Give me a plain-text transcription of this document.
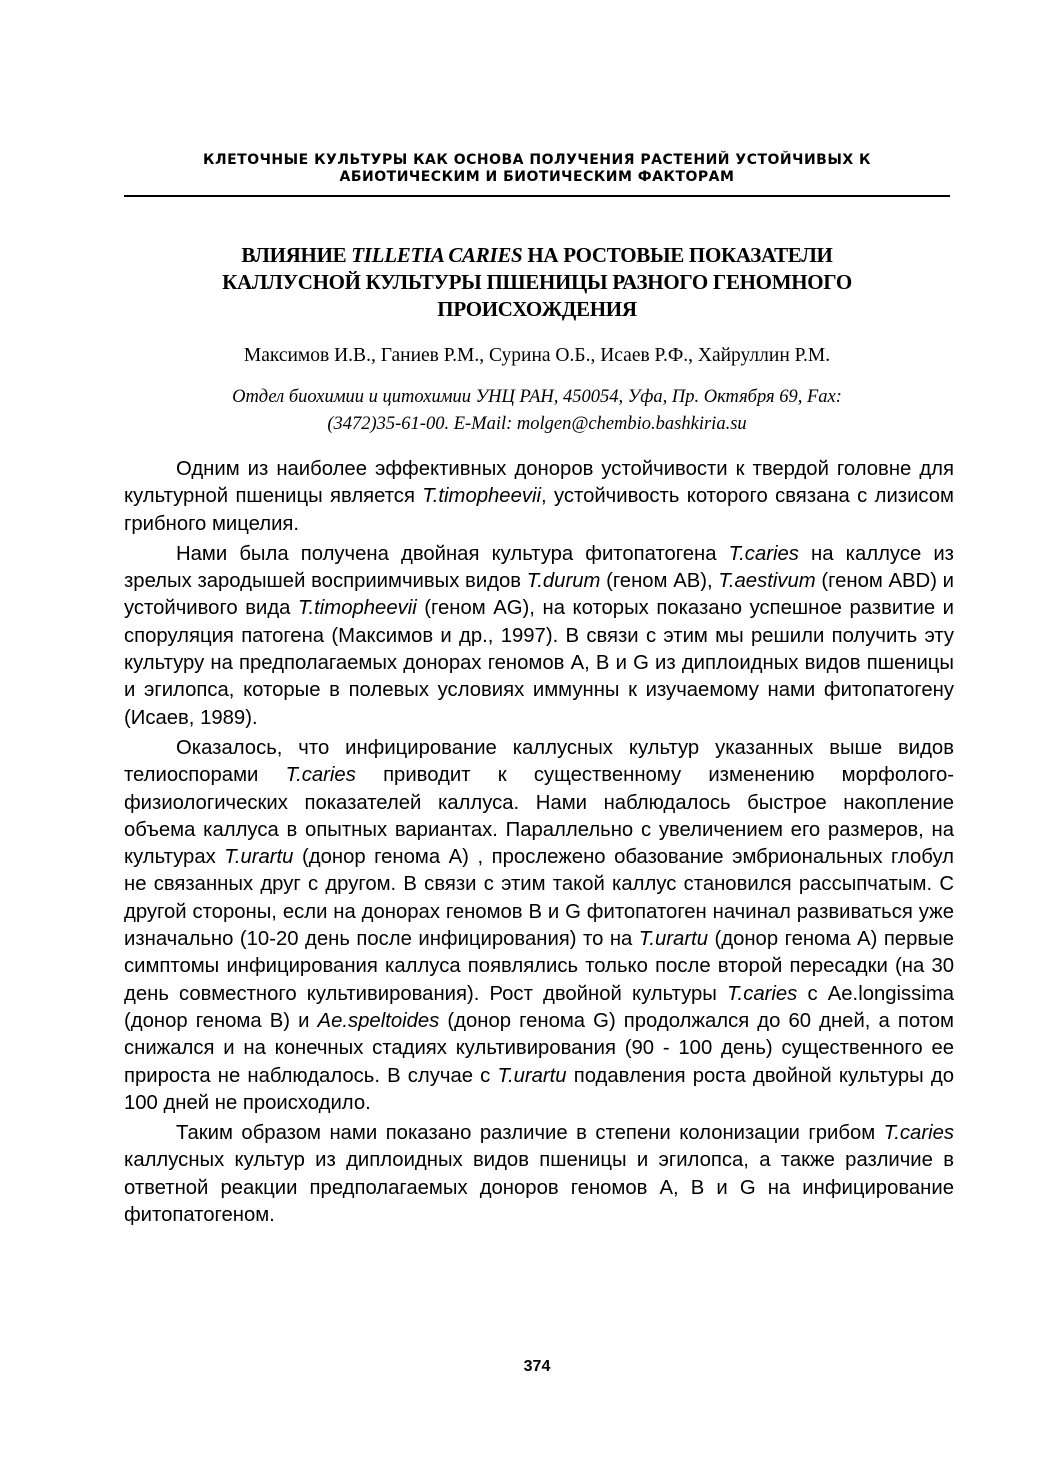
КЛЕТОЧНЫЕ КУЛЬТУРЫ КАК ОСНОВА ПОЛУЧЕНИЯ РАСТЕНИЙ УСТОЙЧИВЫХ К
АБИОТИЧЕСКИМ И БИОТИЧЕСКИМ ФАКТОРАМ
ВЛИЯНИЕ TILLETIA CARIES НА РОСТОВЫЕ ПОКАЗАТЕЛИ
КАЛЛУСНОЙ КУЛЬТУРЫ ПШЕНИЦЫ РАЗНОГО ГЕНОМНОГО
ПРОИСХОЖДЕНИЯ
Максимов И.В., Ганиев Р.М., Сурина О.Б., Исаев Р.Ф., Хайруллин Р.М.
Отдел биохимии и цитохимии УНЦ РАН, 450054, Уфа, Пр. Октября 69, Fax:
(3472)35-61-00. E-Mail: molgen@chembio.bashkiria.su

Одним из наиболее эффективных доноров устойчивости к твердой головне для культурной пшеницы является T.timopheevii, устойчивость которого связана с лизисом грибного мицелия.

Нами была получена двойная культура фитопатогена T.caries на каллусе из зрелых зародышей восприимчивых видов T.durum (геном AB), T.aestivum (геном ABD) и устойчивого вида T.timopheevii (геном AG), на которых показано успешное развитие и споруляция патогена (Максимов и др., 1997). В связи с этим мы решили получить эту культуру на предполагаемых донорах геномов A, B и G из диплоидных видов пшеницы и эгилопса, которые в полевых условиях иммунны к изучаемому нами фитопатогену (Исаев, 1989).

Оказалось, что инфицирование каллусных культур указанных выше видов телиоспорами T.caries приводит к существенному изменению морфолого-физиологических показателей каллуса. Нами наблюдалось быстрое накопление объема каллуса в опытных вариантах. Параллельно с увеличением его размеров, на культурах T.urartu (донор генома A) , прослежено обазование эмбриональных глобул не связанных друг с другом. В связи с этим такой каллус становился рассыпчатым. С другой стороны, если на донорах геномов B и G фитопатоген начинал развиваться уже изначально (10-20 день после инфицирования) то на T.urartu (донор генома A) первые симптомы инфицирования каллуса появлялись только после второй пересадки (на 30 день совместного культивирования). Рост двойной культуры T.caries с Ae.longissima (донор генома B) и Ae.speltoides (донор генома G) продолжался до 60 дней, а потом снижался и на конечных стадиях культивирования (90 - 100 день) существенного ее прироста не наблюдалось. В случае с T.urartu подавления роста двойной культуры до 100 дней не происходило.

Таким образом нами показано различие в степени колонизации грибом T.caries каллусных культур из диплоидных видов пшеницы и эгилопса, а также различие в ответной реакции предполагаемых доноров геномов A, B и G на инфицирование фитопатогеном.

374
